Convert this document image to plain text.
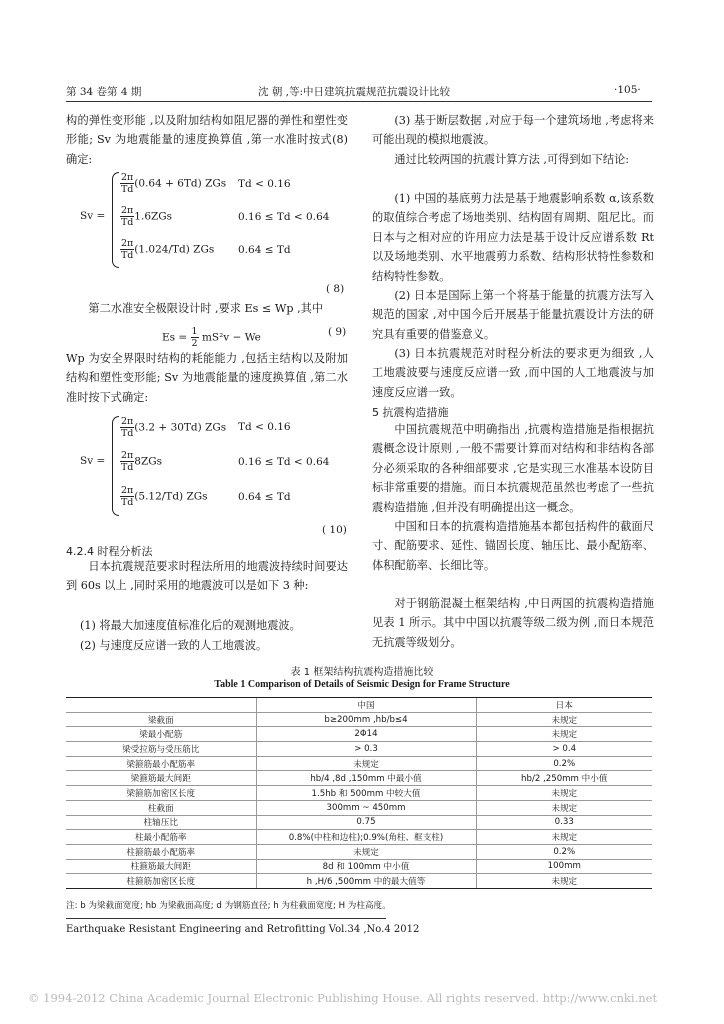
第 34 卷第 4 期	沈 朝 ,等:中日建筑抗震规范抗震设计比较	·105·

构的弹性变形能 ,以及附加结构如阻尼器的弹性和塑性变形能; Sv 为地震能量的速度换算值 ,第一水准时按式(8)确定:

Sv =
$\frac{2\pi}{Td} (0.64 + 6Td)$ ZGs Td < 0.16
$\frac{2\pi}{Td} 1.6ZGs$	0.16 ≤ Td < 0.64
$\frac{2\pi}{Td} (1.024/Td)$ ZGs 0.64 ≤ Td
( 8)

第二水准安全极限设计时 ,要求 Es ≤ Wp ,其中

$Es = \frac{1}{2} mS^2v - We$	( 9)

Wp 为安全界限时结构的耗能能力 ,包括主结构以及附加结构和塑性变形能; Sv 为地震能量的速度换算值 ,第二水准时按下式确定:

Sv =
$\frac{2\pi}{Td} (3.2 + 30Td)$ ZGs Td < 0.16
$\frac{2\pi}{Td} 8ZGs$	0.16 ≤ Td < 0.64
$\frac{2\pi}{Td} (5.12/Td)$ ZGs	0.64 ≤ Td
( 10)
4.2.4 时程分析法

日本抗震规范要求时程法所用的地震波持续时间要达到 60s 以上 ,同时采用的地震波可以是如下 3 种:

(1) 将最大加速度值标准化后的观测地震波。
(2) 与速度反应谱一致的人工地震波。
(3) 基于断层数据 ,对应于每一个建筑场地 ,考虑将来可能出现的模拟地震波。
通过比较两国的抗震计算方法 ,可得到如下结论:
(1) 中国的基底剪力法是基于地震影响系数 α,该系数的取值综合考虑了场地类别、结构固有周期、阻尼比。而日本与之相对应的许用应力法是基于设计反应谱系数 Rt 以及场地类别、水平地震剪力系数、结构形状特性参数和结构特性参数。
(2) 日本是国际上第一个将基于能量的抗震方法写入规范的国家 ,对中国今后开展基于能量抗震设计方法的研究具有重要的借鉴意义。
(3) 日本抗震规范对时程分析法的要求更为细致 ,人工地震波要与速度反应谱一致 ,而中国的人工地震波与加速度反应谱一致。
5 抗震构造措施
中国抗震规范中明确指出 ,抗震构造措施是指根据抗震概念设计原则 ,一般不需要计算而对结构和非结构各部分必须采取的各种细部要求 ,它是实现三水准基本设防目标非常重要的措施。而日本抗震规范虽然也考虑了一些抗震构造措施 ,但并没有明确提出这一概念。
中国和日本的抗震构造措施基本都包括构件的截面尺寸、配筋要求、延性、锚固长度、轴压比、最小配筋率、体积配筋率、长细比等。
对于钢筋混凝土框架结构 ,中日两国的抗震构造措施见表 1 所示。其中中国以抗震等级二级为例 ,而日本规范无抗震等级划分。
表 1 框架结构抗震构造措施比较
Table 1 Comparison of Details of Seismic Design for Frame Structure
	中国	日本
梁截面	b≥200mm ,hb/b≤4	未规定
梁最小配筋	2Φ14	未规定
梁受拉筋与受压筋比	> 0.3	> 0.4
梁箍筋最小配筋率	未规定	0.2%
梁箍筋最大间距	hb/4 ,8d ,150mm 中最小值	hb/2 ,250mm 中小值
梁箍筋加密区长度	1.5hb 和 500mm 中较大值	未规定
柱截面	300mm ~ 450mm	未规定
柱轴压比	0.75	0.33
柱最小配筋率	0.8%(中柱和边柱);0.9%(角柱、框支柱)	未规定
柱箍筋最小配筋率	未规定	0.2%
柱箍筋最大间距	8d 和 100mm 中小值	100mm
柱箍筋加密区长度	h ,H/6 ,500mm 中的最大值等	未规定
注: b 为梁截面宽度; hb 为梁截面高度; d 为钢筋直径; h 为柱截面宽度; H 为柱高度。
Earthquake Resistant Engineering and Retrofitting Vol.34 ,No.4 2012
© 1994-2012 China Academic Journal Electronic Publishing House. All rights reserved. http://www.cnki.net
